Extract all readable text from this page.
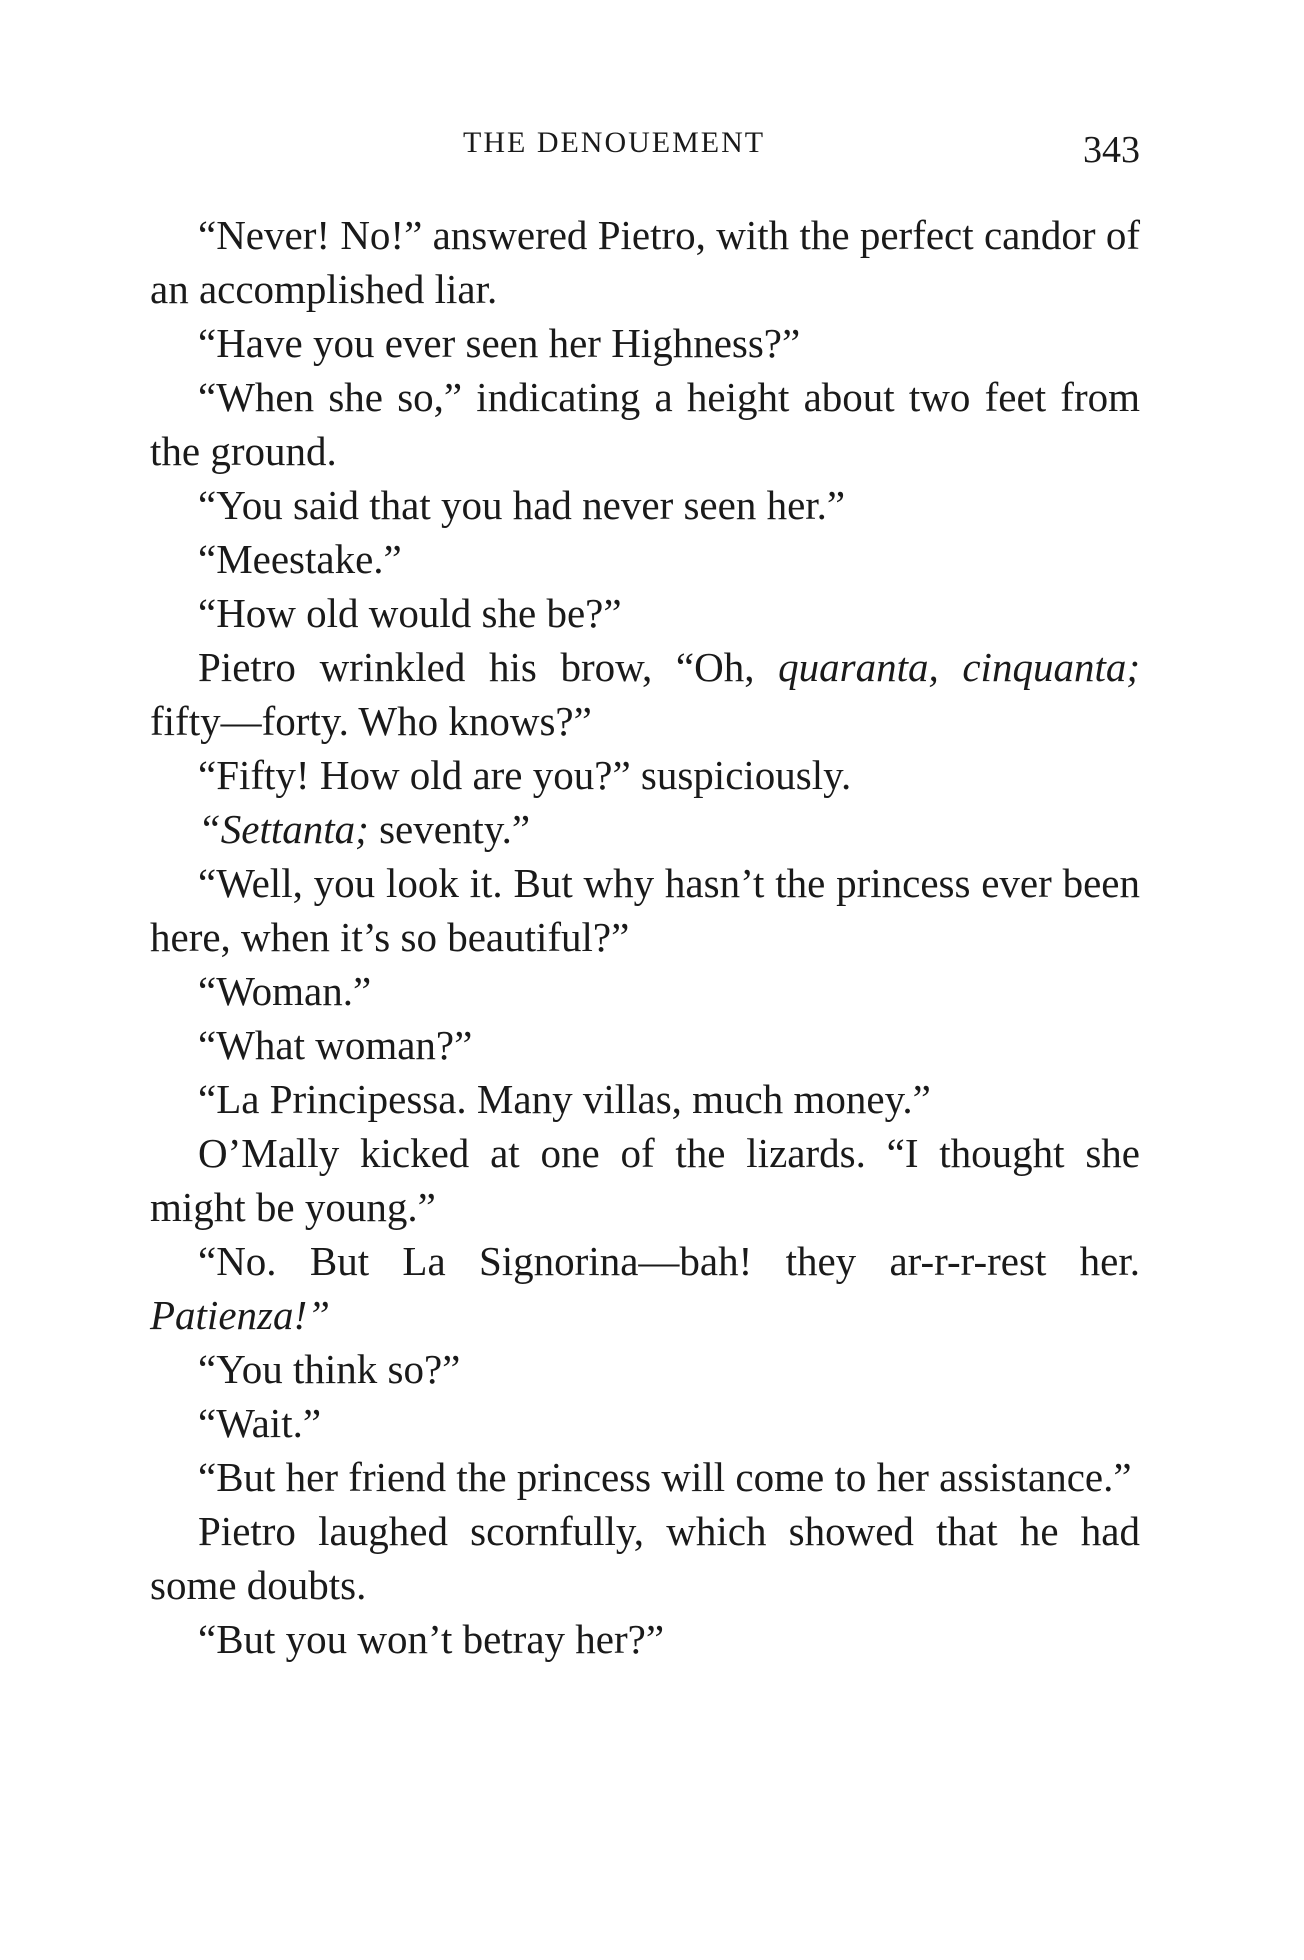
THE DENOUEMENT	343

“Never! No!” answered Pietro, with the perfect candor of an accomplished liar.

“Have you ever seen her Highness?”

“When she so,” indicating a height about two feet from the ground.

“You said that you had never seen her.”

“Meestake.”

“How old would she be?”

Pietro wrinkled his brow, “Oh, quaranta, cinquanta; fifty—forty. Who knows?”

“Fifty! How old are you?” suspiciously.

“Settanta; seventy.”

“Well, you look it. But why hasn’t the princess ever been here, when it’s so beautiful?”

“Woman.”

“What woman?”

“La Principessa. Many villas, much money.”

O’Mally kicked at one of the lizards. “I thought she might be young.”

“No. But La Signorina—bah! they ar-r-r-rest her. Patienza!”

“You think so?”

“Wait.”

“But her friend the princess will come to her assistance.”

Pietro laughed scornfully, which showed that he had some doubts.

“But you won’t betray her?”
